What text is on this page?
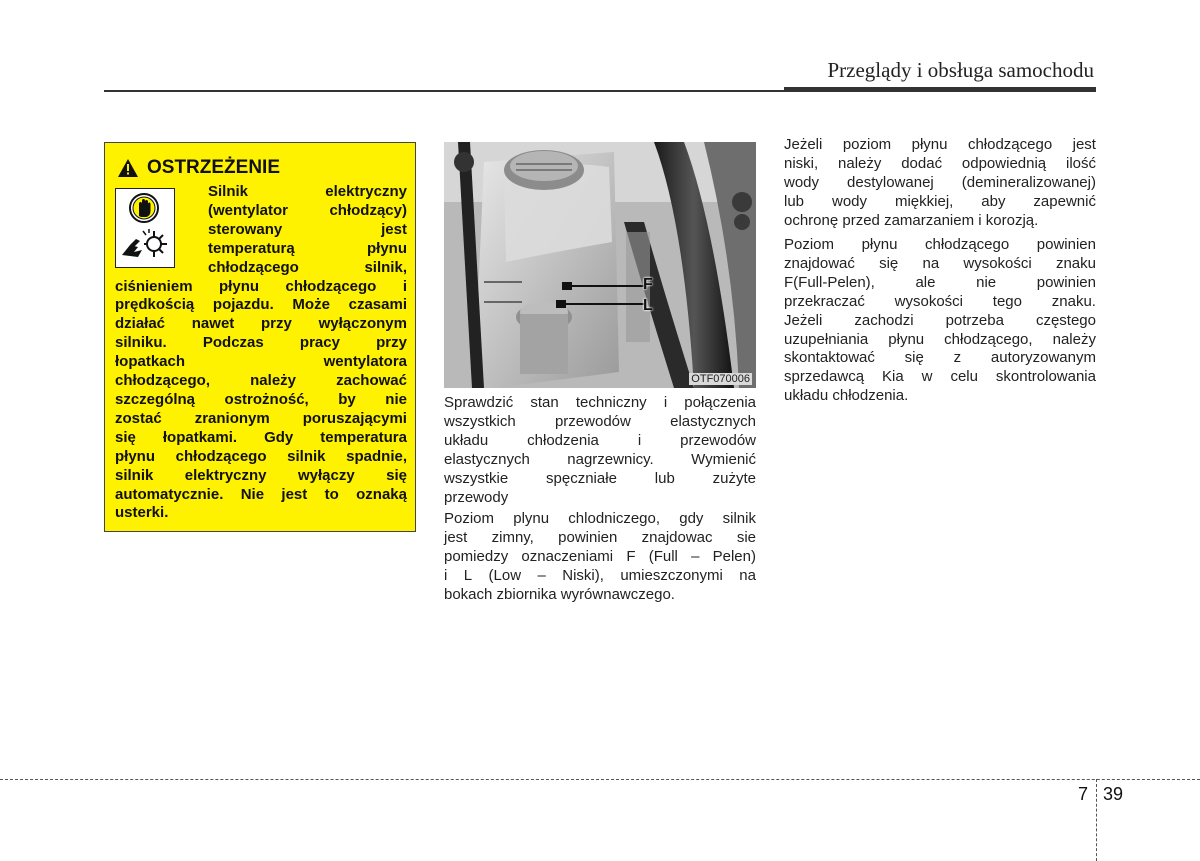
Przeglądy i obsługa samochodu
OSTRZEŻENIE
Silnik	elektryczny
(wentylator	chłodzący)
sterowany	jest
temperaturą	płynu
chłodzącego	silnik,
ciśnieniem płynu chłodzącego i
prędkością pojazdu. Może czasami
działać nawet przy wyłączonym
silniku. Podczas pracy przy
łopatkach	wentylatora
chłodzącego,	należy	zachować
szczególną ostrożność, by nie
zostać zranionym poruszającymi
się łopatkami. Gdy temperatura
płynu chłodzącego silnik spadnie,
silnik elektryczny wyłączy się
automatycznie. Nie jest to oznaką
usterki.
F
L
OTF070006
Sprawdzić stan techniczny i połączenia
wszystkich	przewodów	elastycznych
układu	chłodzenia	i	przewodów
elastycznych nagrzewnicy. Wymienić
wszystkie	spęczniałe	lub	zużyte
przewody
Poziom plynu chlodniczego, gdy silnik
jest zimny, powinien znajdowac sie
pomiedzy oznaczeniami F (Full – Pelen)
i L (Low – Niski), umieszczonymi na
bokach zbiornika wyrównawczego.
Jeżeli poziom płynu chłodzącego jest
niski, należy dodać odpowiednią ilość
wody destylowanej (demineralizowanej)
lub wody miękkiej, aby zapewnić
ochronę przed zamarzaniem i korozją.
Poziom płynu chłodzącego powinien
znajdować się na wysokości znaku
F(Full-Pelen),	ale	nie	powinien
przekraczać wysokości tego znaku.
Jeżeli zachodzi potrzeba częstego
uzupełniania płynu chłodzącego, należy
skontaktować się z autoryzowanym
sprzedawcą Kia w celu skontrolowania
układu chłodzenia.
7 39
